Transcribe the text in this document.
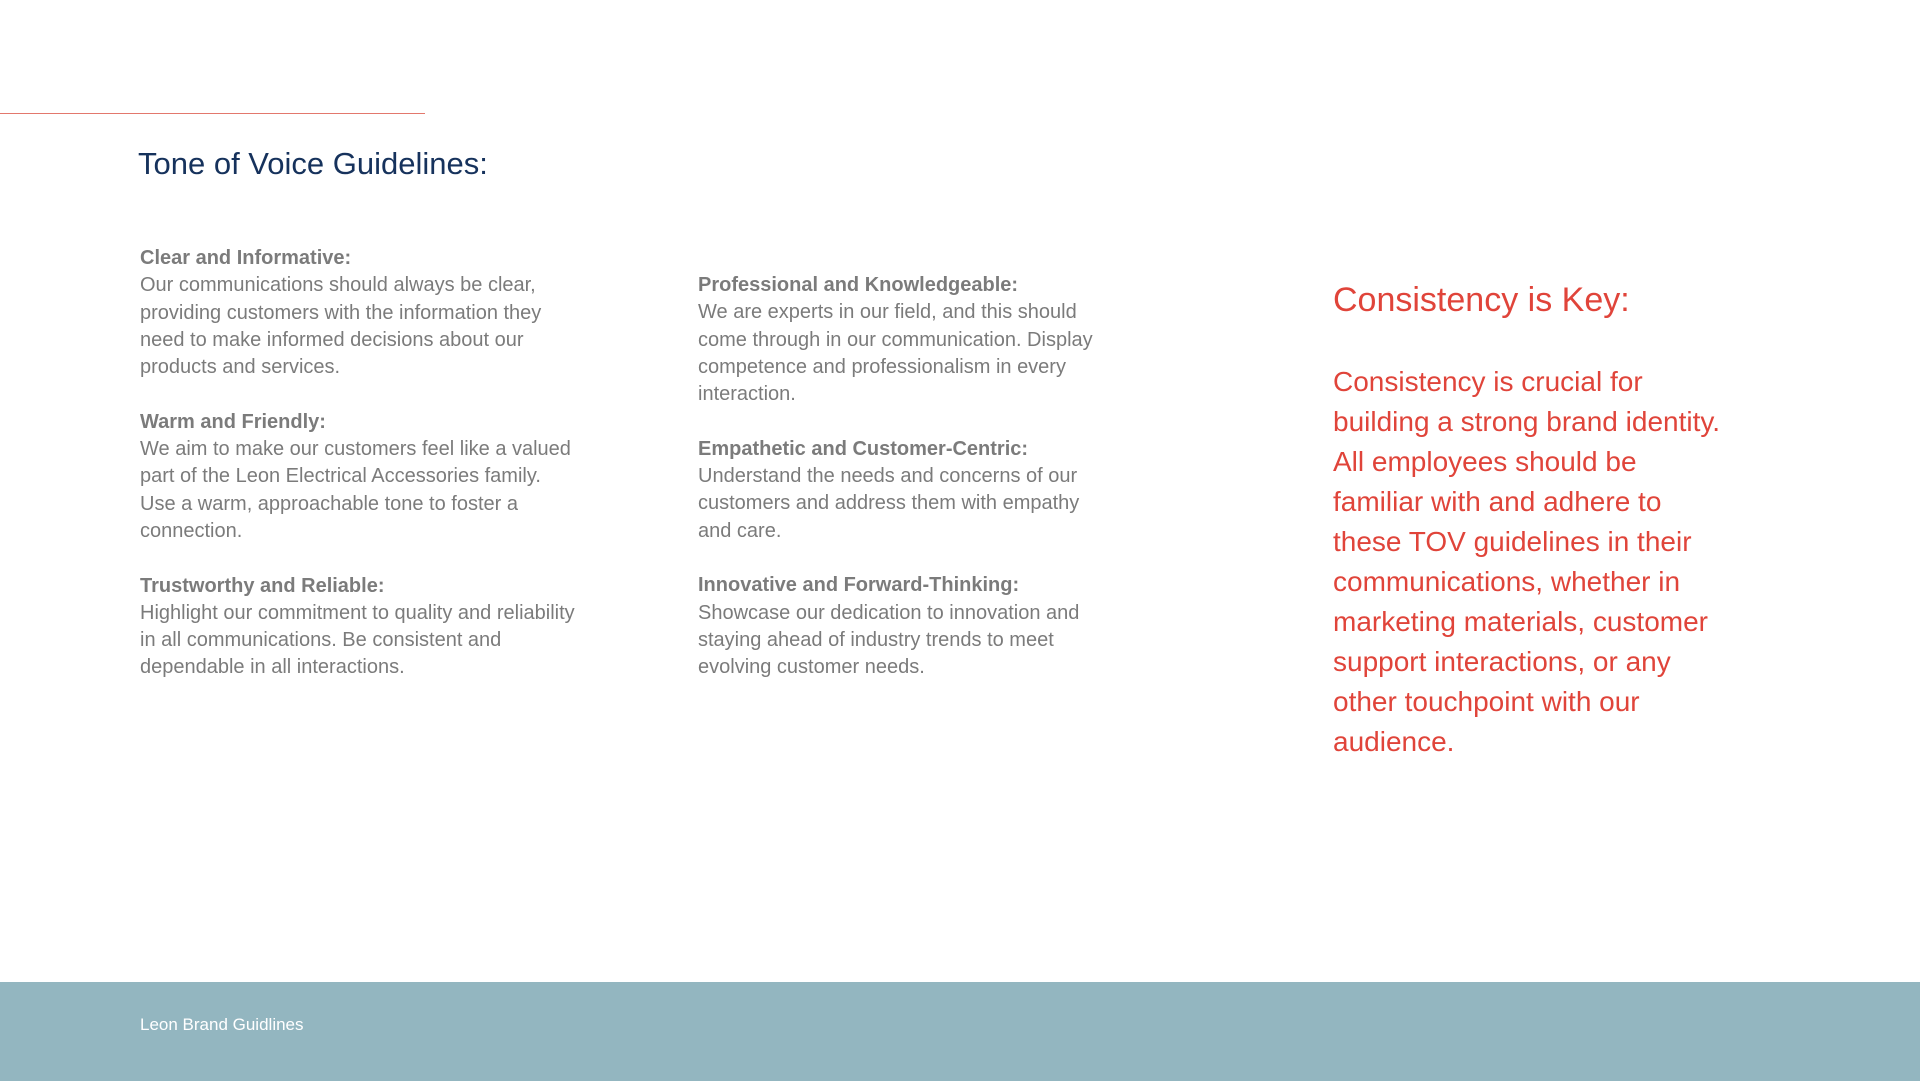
Tone of Voice Guidelines:
Clear and Informative:
Our communications should always be clear, providing customers with the information they need to make informed decisions about our products and services.
Warm and Friendly:
We aim to make our customers feel like a valued part of the Leon Electrical Accessories family. Use a warm, approachable tone to foster a connection.
Trustworthy and Reliable:
Highlight our commitment to quality and reliability in all communications. Be consistent and dependable in all interactions.
Professional and Knowledgeable:
We are experts in our field, and this should come through in our communication. Display competence and professionalism in every interaction.
Empathetic and Customer-Centric:
Understand the needs and concerns of our customers and address them with empathy and care.
Innovative and Forward-Thinking:
Showcase our dedication to innovation and staying ahead of industry trends to meet evolving customer needs.
Consistency is Key:

Consistency is crucial for building a strong brand identity. All employees should be familiar with and adhere to these TOV guidelines in their communications, whether in marketing materials, customer support interactions, or any other touchpoint with our audience.

Leon Brand Guidlines
